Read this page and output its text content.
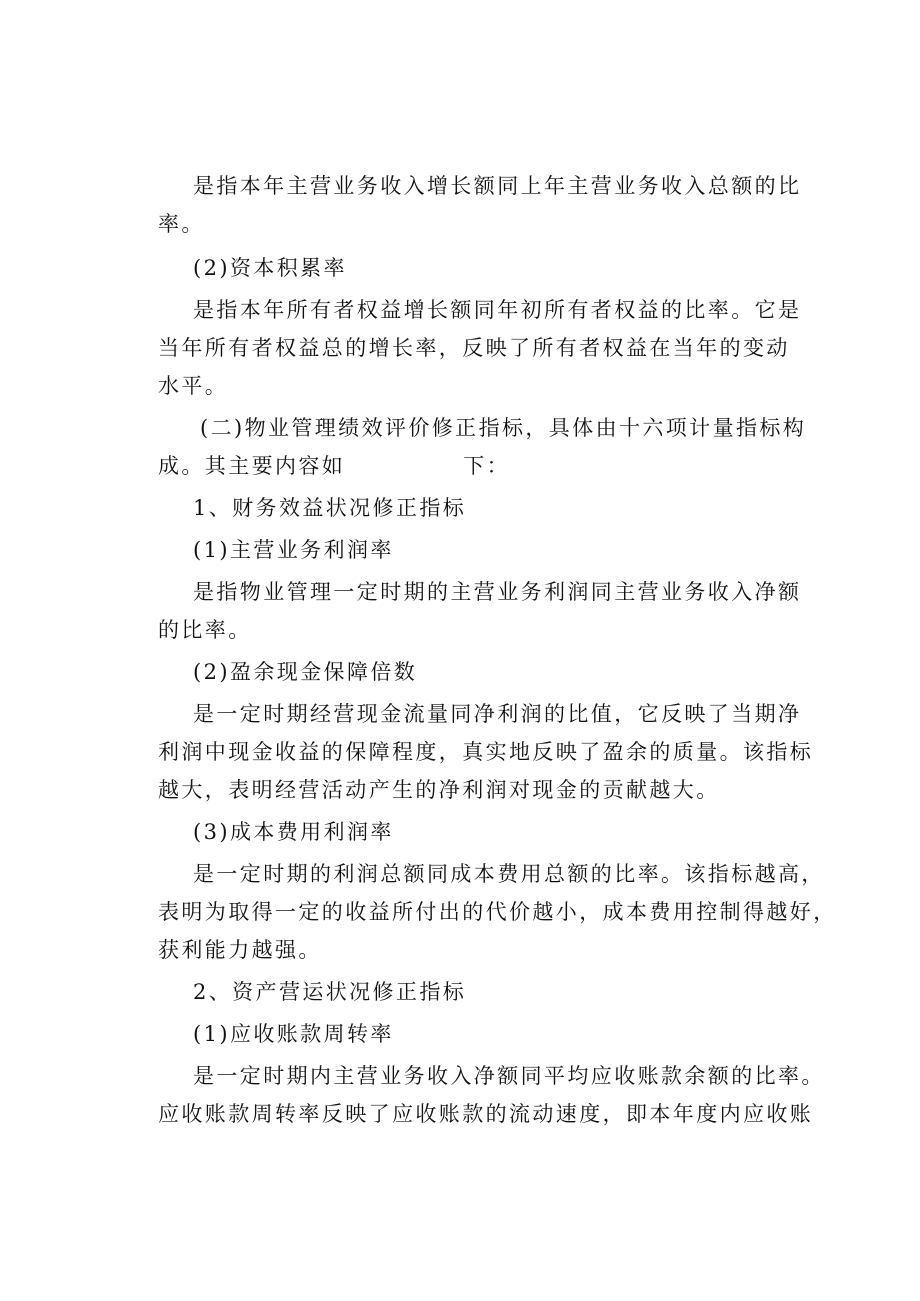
是指本年主营业务收入增长额同上年主营业务收入总额的比
率。
(2)资本积累率
是指本年所有者权益增长额同年初所有者权益的比率。它是
当年所有者权益总的增长率，反映了所有者权益在当年的变动
水平。
(二)物业管理绩效评价修正指标，具体由十六项计量指标构
成。其主要内容如	下：
1、财务效益状况修正指标
(1)主营业务利润率
是指物业管理一定时期的主营业务利润同主营业务收入净额
的比率。
(2)盈余现金保障倍数
是一定时期经营现金流量同净利润的比值，它反映了当期净
利润中现金收益的保障程度，真实地反映了盈余的质量。该指标
越大，表明经营活动产生的净利润对现金的贡献越大。
(3)成本费用利润率
是一定时期的利润总额同成本费用总额的比率。该指标越高，
表明为取得一定的收益所付出的代价越小，成本费用控制得越好，
获利能力越强。
2、资产营运状况修正指标
(1)应收账款周转率
是一定时期内主营业务收入净额同平均应收账款余额的比率。
应收账款周转率反映了应收账款的流动速度，即本年度内应收账
